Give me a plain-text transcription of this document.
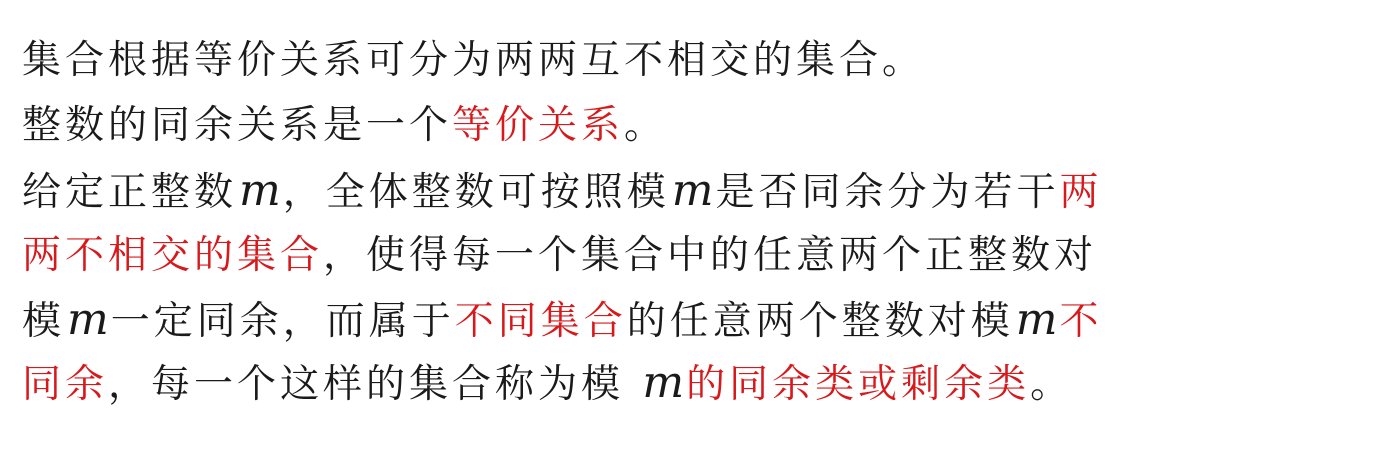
集合根据等价关系可分为两两互不相交的集合。
整数的同余关系是一个等价关系。
给定正整数m，全体整数可按照模m是否同余分为若干两
两不相交的集合，使得每一个集合中的任意两个正整数对
模m一定同余，而属于不同集合的任意两个整数对模m不
同余，每一个这样的集合称为模 m的同余类或剩余类。
